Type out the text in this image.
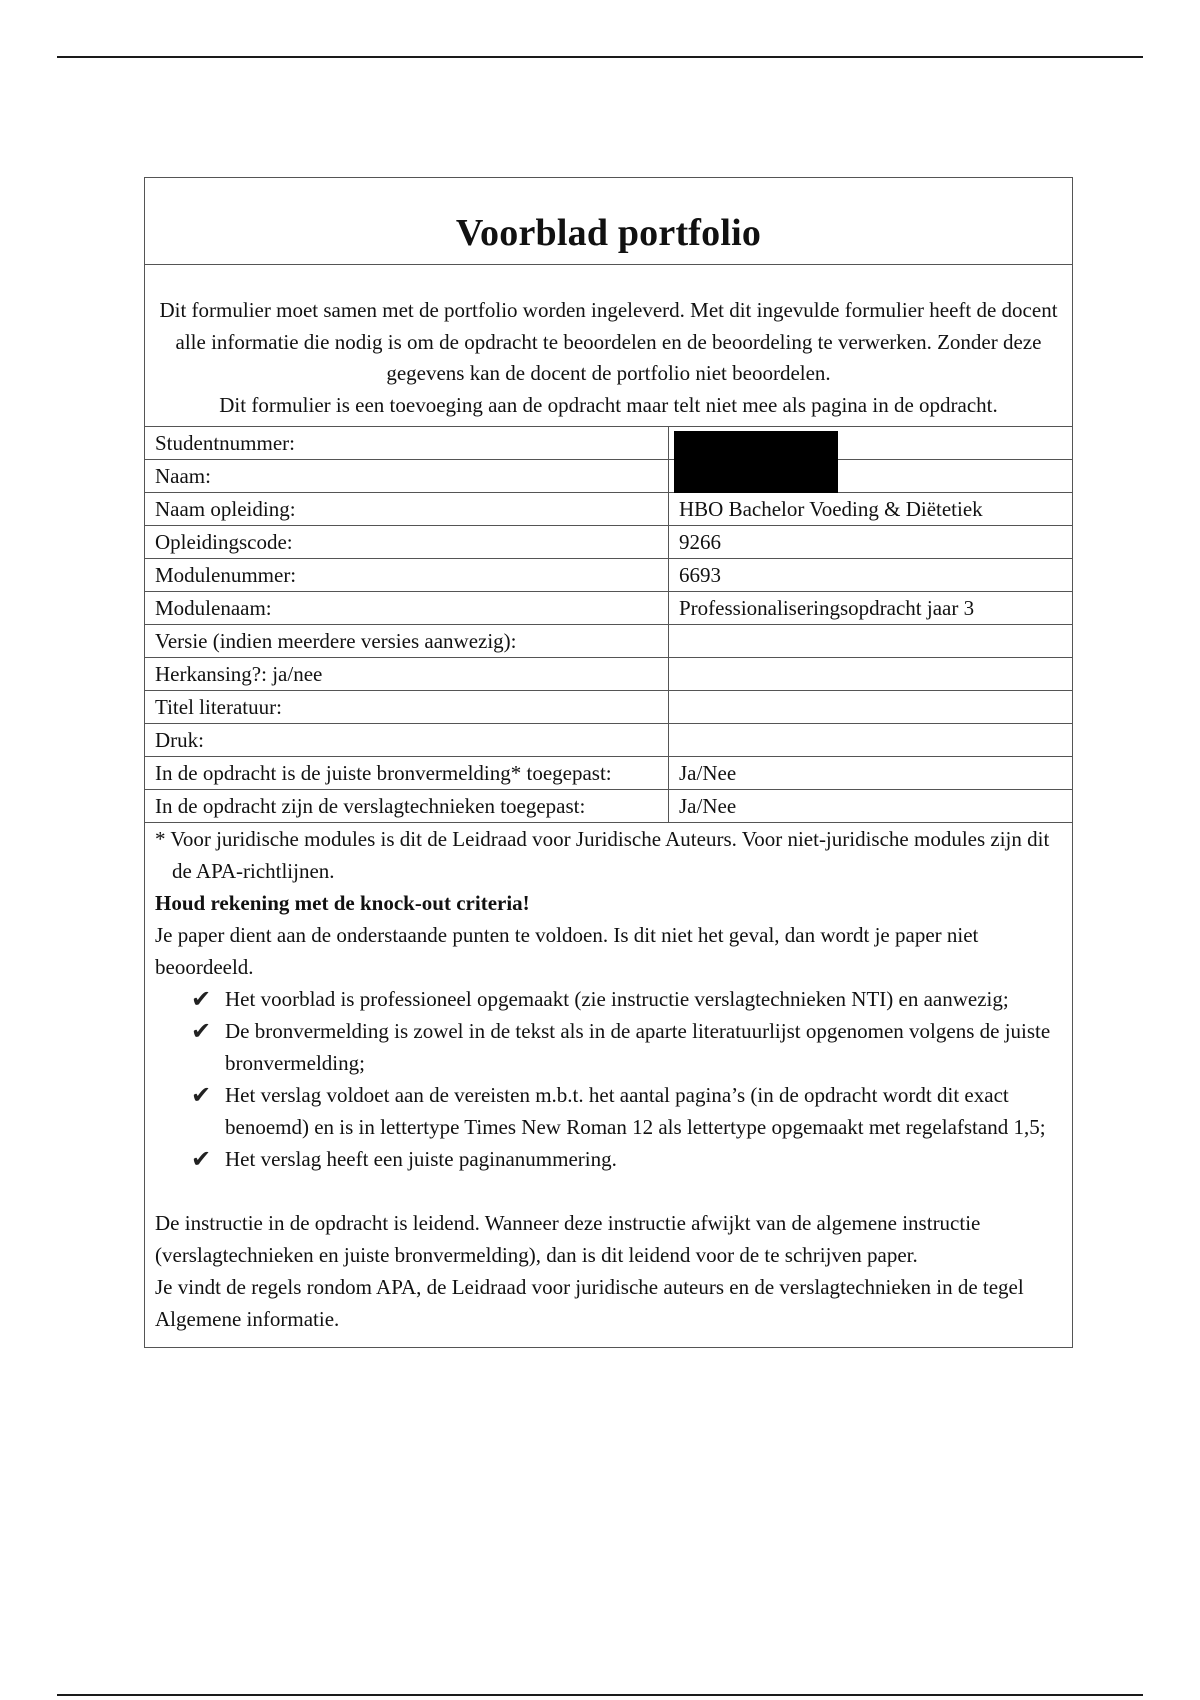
Voorblad portfolio

Dit formulier moet samen met de portfolio worden ingeleverd. Met dit ingevulde formulier heeft de docent alle informatie die nodig is om de opdracht te beoordelen en de beoordeling te verwerken. Zonder deze gegevens kan de docent de portfolio niet beoordelen.

Dit formulier is een toevoeging aan de opdracht maar telt niet mee als pagina in de opdracht.

Studentnummer:	
Naam:	
Naam opleiding:	HBO Bachelor Voeding & Diëtetiek
Opleidingscode:	9266
Modulenummer:	6693
Modulenaam:	Professionaliseringsopdracht jaar 3
Versie (indien meerdere versies aanwezig):	
Herkansing?: ja/nee	
Titel literatuur:	
Druk:	
In de opdracht is de juiste bronvermelding* toegepast:	Ja/Nee
In de opdracht zijn de verslagtechnieken toegepast:	Ja/Nee

* Voor juridische modules is dit de Leidraad voor Juridische Auteurs. Voor niet-juridische modules zijn dit de APA-richtlijnen.

Houd rekening met de knock-out criteria!

Je paper dient aan de onderstaande punten te voldoen. Is dit niet het geval, dan wordt je paper niet beoordeeld.

✔ Het voorblad is professioneel opgemaakt (zie instructie verslagtechnieken NTI) en aanwezig;
✔ De bronvermelding is zowel in de tekst als in de aparte literatuurlijst opgenomen volgens de juiste bronvermelding;
✔ Het verslag voldoet aan de vereisten m.b.t. het aantal pagina’s (in de opdracht wordt dit exact benoemd) en is in lettertype Times New Roman 12 als lettertype opgemaakt met regelafstand 1,5;
✔ Het verslag heeft een juiste paginanummering.

De instructie in de opdracht is leidend. Wanneer deze instructie afwijkt van de algemene instructie (verslagtechnieken en juiste bronvermelding), dan is dit leidend voor de te schrijven paper.

Je vindt de regels rondom APA, de Leidraad voor juridische auteurs en de verslagtechnieken in de tegel Algemene informatie.
